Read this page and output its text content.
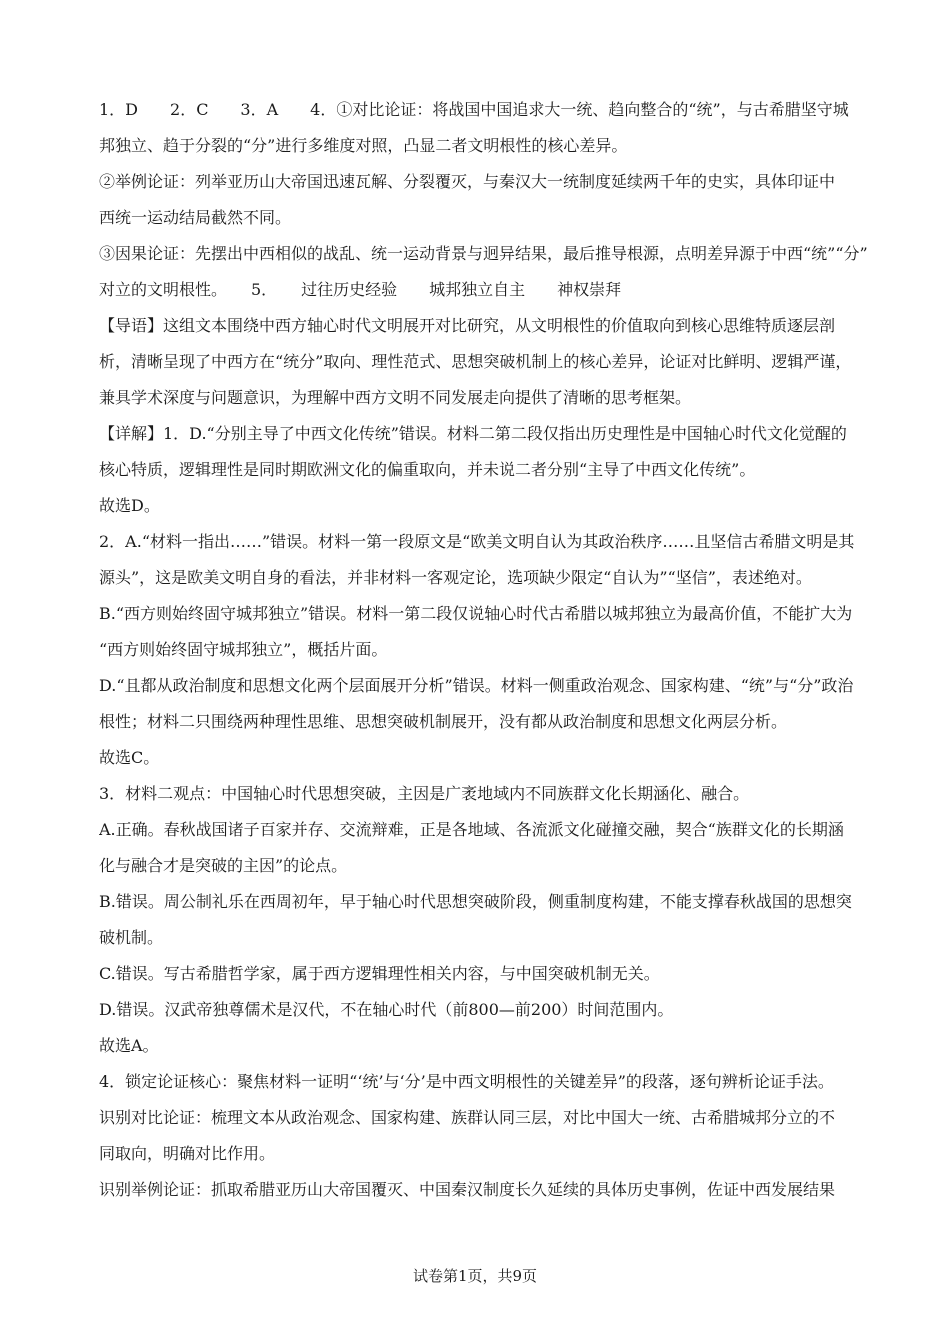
1．D　　2．C　　3．A　　4．①对比论证：将战国中国追求大一统、趋向整合的“统”，与古希腊坚守城
邦独立、趋于分裂的“分”进行多维度对照，凸显二者文明根性的核心差异。
②举例论证：列举亚历山大帝国迅速瓦解、分裂覆灭，与秦汉大一统制度延续两千年的史实，具体印证中
西统一运动结局截然不同。
③因果论证：先摆出中西相似的战乱、统一运动背景与迥异结果，最后推导根源，点明差异源于中西“统”“分”
对立的文明根性。　　5．　　过往历史经验　　城邦独立自主　　神权崇拜
【导语】这组文本围绕中西方轴心时代文明展开对比研究，从文明根性的价值取向到核心思维特质逐层剖
析，清晰呈现了中西方在“统分”取向、理性范式、思想突破机制上的核心差异，论证对比鲜明、逻辑严谨，
兼具学术深度与问题意识，为理解中西方文明不同发展走向提供了清晰的思考框架。
【详解】1．D.“分别主导了中西文化传统”错误。材料二第二段仅指出历史理性是中国轴心时代文化觉醒的
核心特质，逻辑理性是同时期欧洲文化的偏重取向，并未说二者分别“主导了中西文化传统”。
故选D。
2．A.“材料一指出……”错误。材料一第一段原文是“欧美文明自认为其政治秩序……且坚信古希腊文明是其
源头”，这是欧美文明自身的看法，并非材料一客观定论，选项缺少限定“自认为”“坚信”，表述绝对。
B.“西方则始终固守城邦独立”错误。材料一第二段仅说轴心时代古希腊以城邦独立为最高价值，不能扩大为
“西方则始终固守城邦独立”，概括片面。
D.“且都从政治制度和思想文化两个层面展开分析”错误。材料一侧重政治观念、国家构建、“统”与“分”政治
根性；材料二只围绕两种理性思维、思想突破机制展开，没有都从政治制度和思想文化两层分析。
故选C。
3．材料二观点：中国轴心时代思想突破，主因是广袤地域内不同族群文化长期涵化、融合。
A.正确。春秋战国诸子百家并存、交流辩难，正是各地域、各流派文化碰撞交融，契合“族群文化的长期涵
化与融合才是突破的主因”的论点。
B.错误。周公制礼乐在西周初年，早于轴心时代思想突破阶段，侧重制度构建，不能支撑春秋战国的思想突
破机制。
C.错误。写古希腊哲学家，属于西方逻辑理性相关内容，与中国突破机制无关。
D.错误。汉武帝独尊儒术是汉代，不在轴心时代（前800—前200）时间范围内。
故选A。
4．锁定论证核心：聚焦材料一证明“‘统’与‘分’是中西文明根性的关键差异”的段落，逐句辨析论证手法。
识别对比论证：梳理文本从政治观念、国家构建、族群认同三层，对比中国大一统、古希腊城邦分立的不
同取向，明确对比作用。
识别举例论证：抓取希腊亚历山大帝国覆灭、中国秦汉制度长久延续的具体历史事例，佐证中西发展结果
试卷第1页，共9页
